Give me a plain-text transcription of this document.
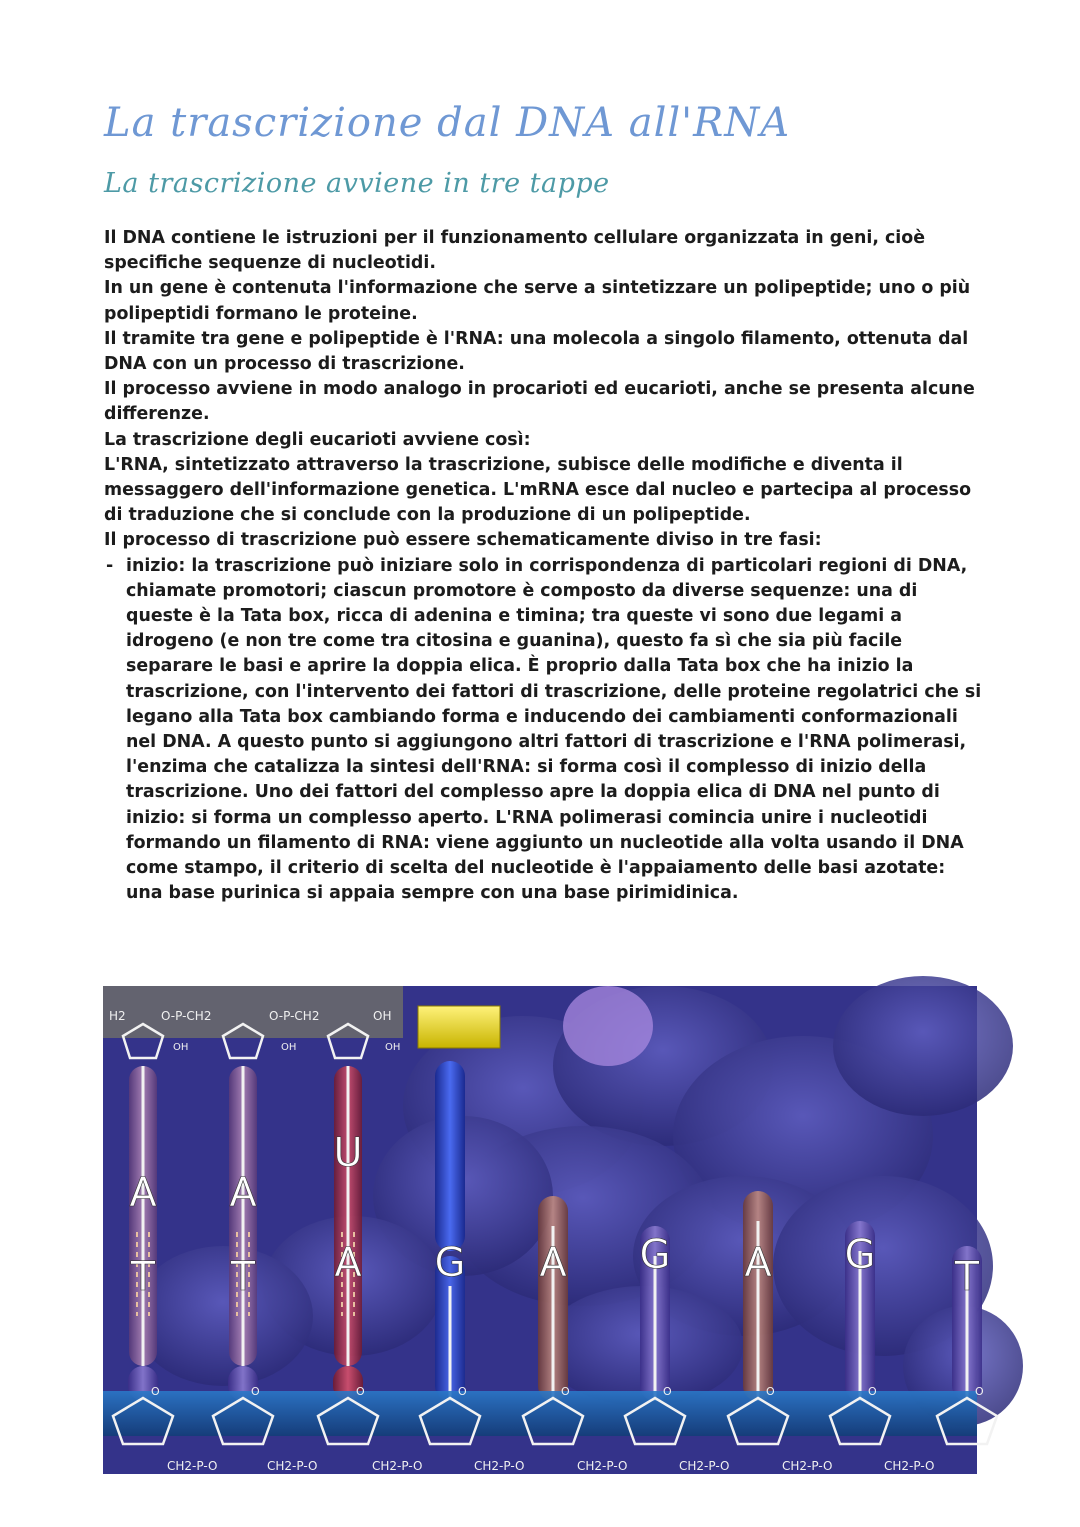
La trascrizione dal DNA all'RNA
La trascrizione avviene in tre tappe

Il DNA contiene le istruzioni per il funzionamento cellulare organizzata in geni, cioè specifiche sequenze di nucleotidi.

In un gene è contenuta l'informazione che serve a sintetizzare un polipeptide; uno o più polipeptidi formano le proteine.

Il tramite tra gene e polipeptide è l'RNA: una molecola a singolo filamento, ottenuta dal DNA con un processo di trascrizione.

Il processo avviene in modo analogo in procarioti ed eucarioti, anche se presenta alcune differenze.

La trascrizione degli eucarioti avviene così:

L'RNA, sintetizzato attraverso la trascrizione, subisce delle modifiche e diventa il messaggero dell'informazione genetica. L'mRNA esce dal nucleo e partecipa al processo di traduzione che si conclude con la produzione di un polipeptide.

Il processo di trascrizione può essere schematicamente diviso in tre fasi:

- inizio: la trascrizione può iniziare solo in corrispondenza di particolari regioni di DNA, chiamate promotori; ciascun promotore è composto da diverse sequenze: una di queste è la Tata box, ricca di adenina e timina; tra queste vi sono due legami a idrogeno (e non tre come tra citosina e guanina), questo fa sì che sia più facile separare le basi e aprire la doppia elica. È proprio dalla Tata box che ha inizio la trascrizione, con l'intervento dei fattori di trascrizione, delle proteine regolatrici che si legano alla Tata box cambiando forma e inducendo dei cambiamenti conformazionali nel DNA. A questo punto si aggiungono altri fattori di trascrizione e l'RNA polimerasi, l'enzima che catalizza la sintesi dell'RNA: si forma così il complesso di inizio della trascrizione. Uno dei fattori del complesso apre la doppia elica di DNA nel punto di inizio: si forma un complesso aperto. L'RNA polimerasi comincia unire i nucleotidi formando un filamento di RNA: viene aggiunto un nucleotide alla volta usando il DNA come stampo, il criterio di scelta del nucleotide è l'appaiamento delle basi azotate: una base purinica si appaia sempre con una base pirimidinica.
A A
U
T T A G A G A G T
H2	O-P-CH2	O-P-CH2	OH
OH	OH	OH
CH2-P-O	CH2-P-O	CH2-P-O	CH2-P-O	CH2-P-O	CH2-P-O	CH2-P-O	CH2-P-O
O	O	O	O	O	O	O	O	O
